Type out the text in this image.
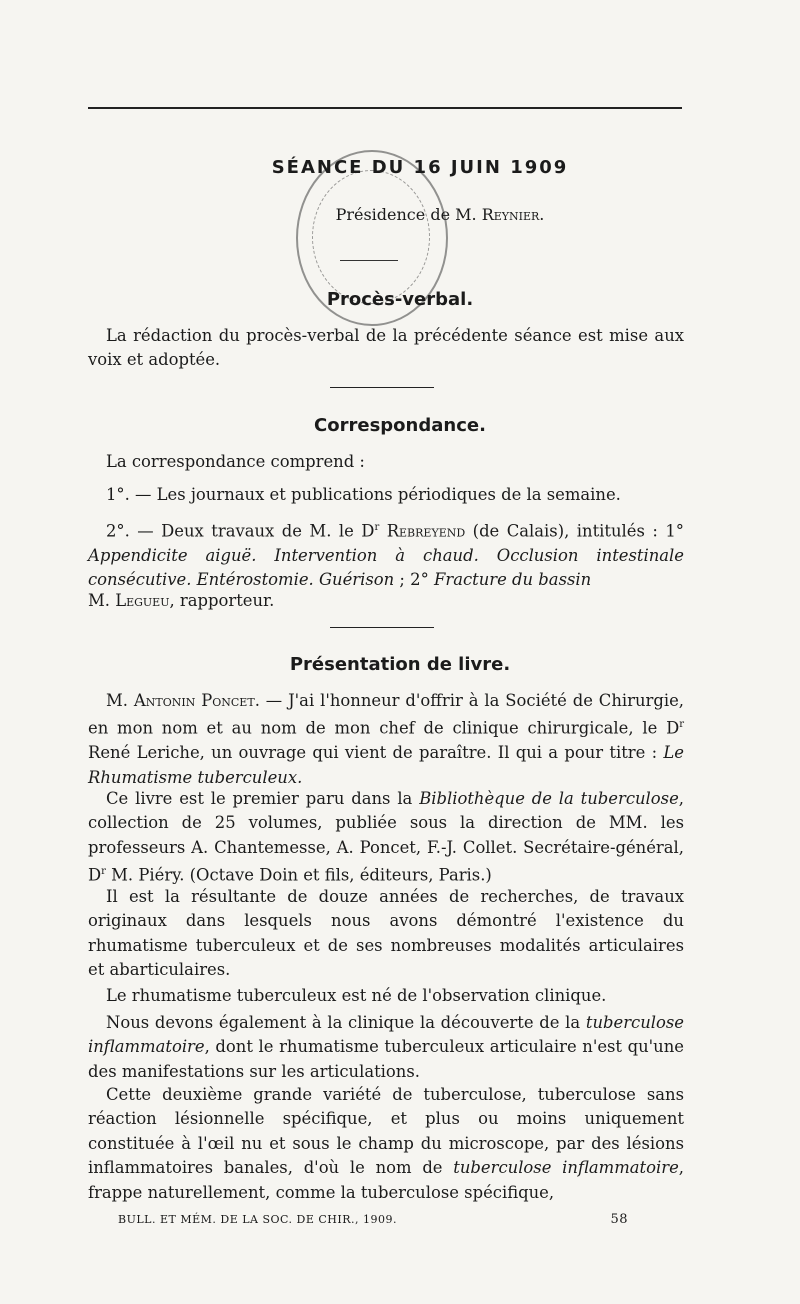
SÉANCE DU 16 JUIN 1909
Présidence de M. Reynier.
Procès-verbal.

La rédaction du procès-verbal de la précédente séance est mise aux voix et adoptée.

Correspondance.

La correspondance comprend :

1°. — Les journaux et publications périodiques de la semaine.

2°. — Deux travaux de M. le $D^r$ Rebreyend (de Calais), intitulés : 1° Appendicite aiguë. Intervention à chaud. Occlusion intestinale consécutive. Entérostomie. Guérison ; 2° Fracture du bassin

M. Legueu, rapporteur.

Présentation de livre.

M. Antonin Poncet. — J'ai l'honneur d'offrir à la Société de Chirurgie, en mon nom et au nom de mon chef de clinique chirurgicale, le $D^r$ René Leriche, un ouvrage qui vient de paraître. Il qui a pour titre : Le Rhumatisme tuberculeux.

Ce livre est le premier paru dans la Bibliothèque de la tuberculose, collection de 25 volumes, publiée sous la direction de MM. les professeurs A. Chantemesse, A. Poncet, F.-J. Collet. Secrétaire-général, $D^r$ M. Piéry. (Octave Doin et fils, éditeurs, Paris.)

Il est la résultante de douze années de recherches, de travaux originaux dans lesquels nous avons démontré l'existence du rhumatisme tuberculeux et de ses nombreuses modalités articulaires et abarticulaires.

Le rhumatisme tuberculeux est né de l'observation clinique.

Nous devons également à la clinique la découverte de la tuberculose inflammatoire, dont le rhumatisme tuberculeux articulaire n'est qu'une des manifestations sur les articulations.

Cette deuxième grande variété de tuberculose, tuberculose sans réaction lésionnelle spécifique, et plus ou moins uniquement constituée à l'œil nu et sous le champ du microscope, par des lésions inflammatoires banales, d'où le nom de tuberculose inflammatoire, frappe naturellement, comme la tuberculose spécifique,

BULL. ET MÉM. DE LA SOC. DE CHIR., 1909.	58
